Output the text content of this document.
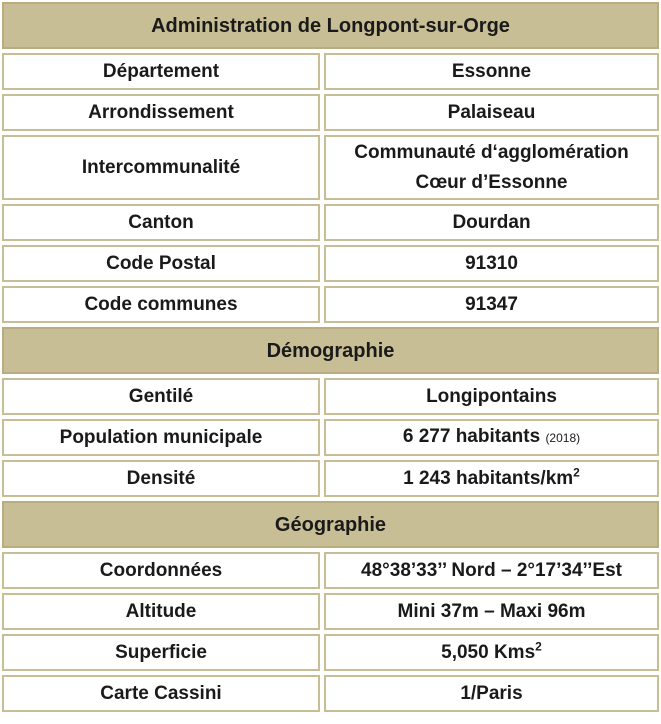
Administration de Longpont-sur-Orge		
Département		Essonne
Arrondissement		Palaiseau
Intercommunalité		Communauté d‘agglomération
Cœur d’Essonne
Canton		Dourdan
Code Postal		91310
Code communes		91347
Démographie		
Gentilé		Longipontains
Population municipale		6 277 habitants (2018)
Densité		1 243 habitants/$km^2$
Géographie		
Coordonnées		48°38’33’’ Nord – 2°17’34’’Est
Altitude		Mini 37m – Maxi 96m
Superficie		5,050 Kms$^2$
Carte Cassini		1/Paris
